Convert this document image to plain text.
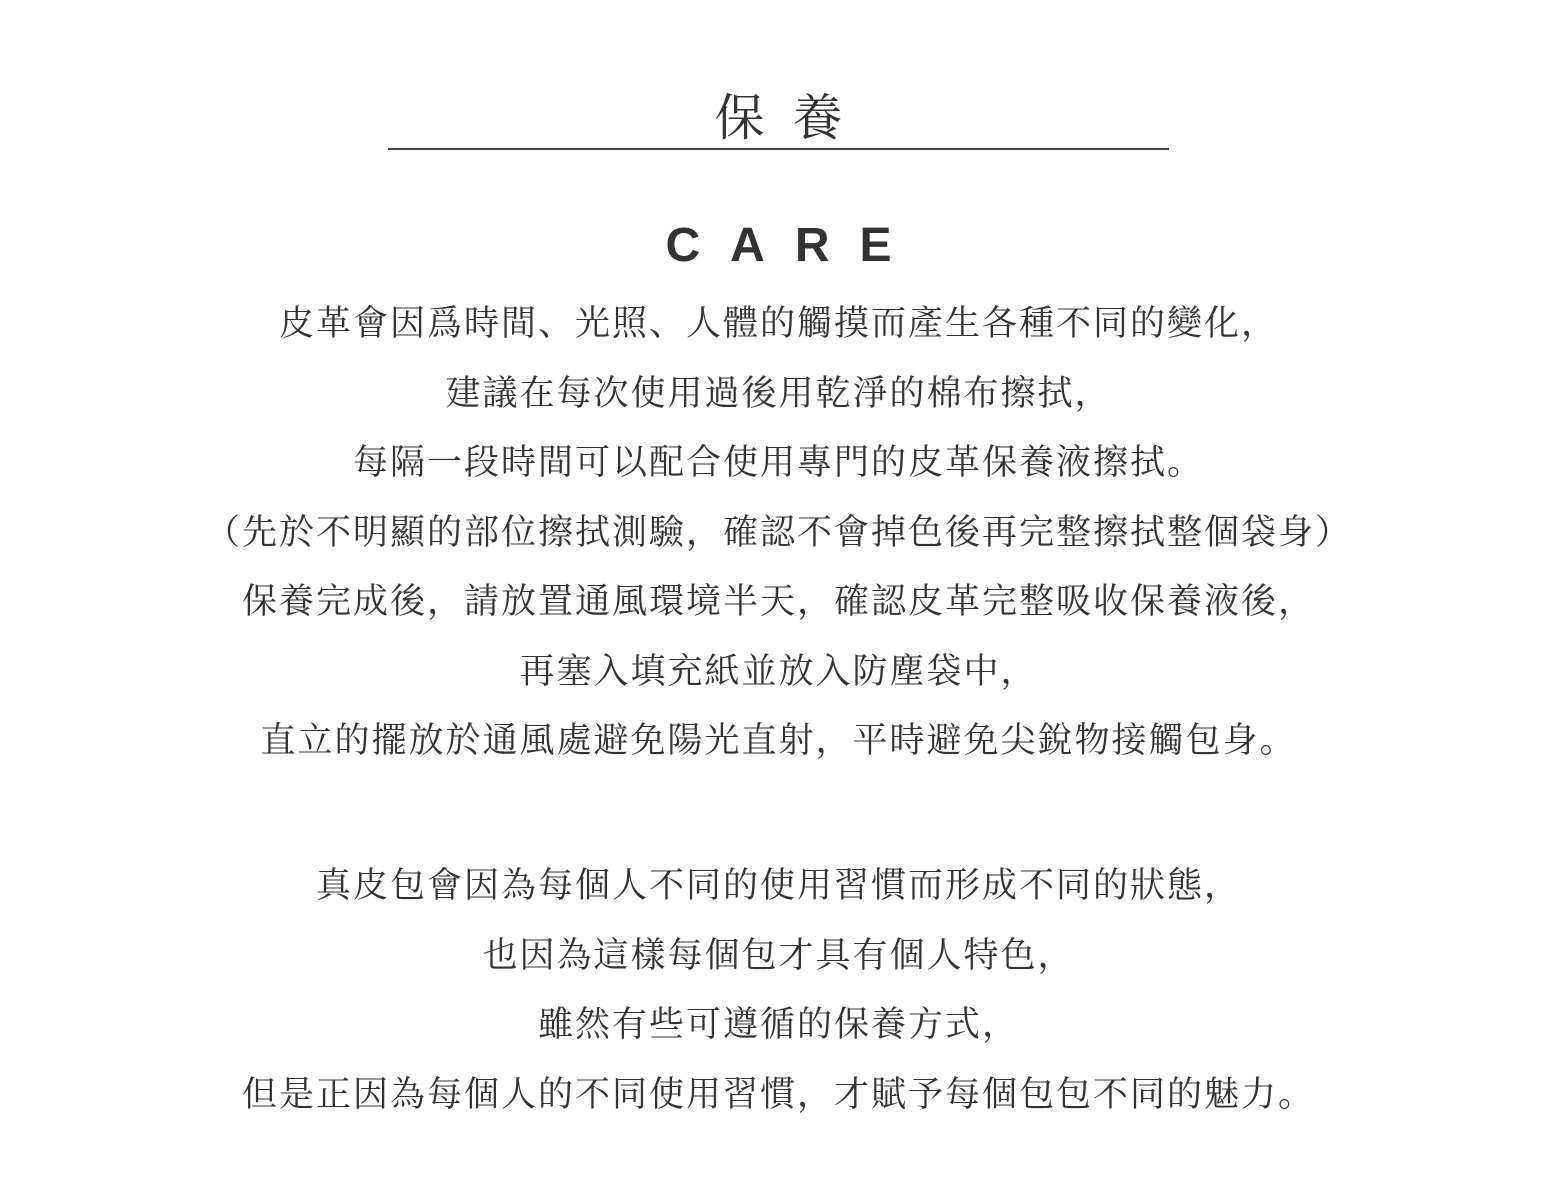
保養
CARE
皮革會因爲時間、光照、人體的觸摸而產生各種不同的變化，
建議在每次使用過後用乾淨的棉布擦拭，
每隔一段時間可以配合使用專門的皮革保養液擦拭。
（先於不明顯的部位擦拭測驗，確認不會掉色後再完整擦拭整個袋身）
保養完成後，請放置通風環境半天，確認皮革完整吸收保養液後，
再塞入填充紙並放入防塵袋中，
直立的擺放於通風處避免陽光直射，平時避免尖銳物接觸包身。
真皮包會因為每個人不同的使用習慣而形成不同的狀態，
也因為這樣每個包才具有個人特色，
雖然有些可遵循的保養方式，
但是正因為每個人的不同使用習慣，才賦予每個包包不同的魅力。
